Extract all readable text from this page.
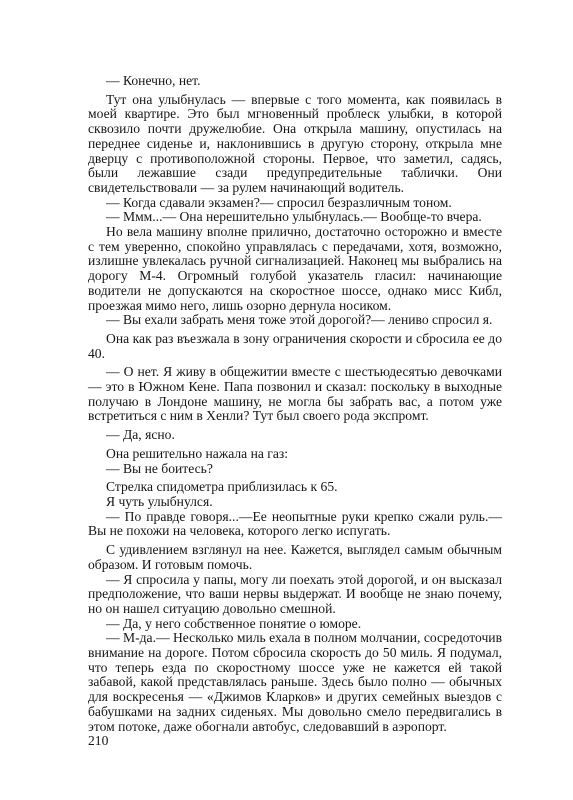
— Конечно, нет.

Тут она улыбнулась — впервые с того момента, как появилась в моей квартире. Это был мгновенный проблеск улыбки, в которой сквозило почти дружелюбие. Она открыла машину, опустилась на переднее сиденье и, наклонившись в другую сторону, открыла мне дверцу с противоположной стороны. Первое, что заметил, садясь, были лежавшие сзади предупредительные таблички. Они свидетельствовали — за рулем начинающий водитель.

— Когда сдавали экзамен?— спросил безразличным тоном.

— Ммм...— Она нерешительно улыбнулась.— Вообще-то вчера.

Но вела машину вполне прилично, достаточно осторожно и вместе с тем уверенно, спокойно управлялась с передачами, хотя, возможно, излишне увлекалась ручной сигнализацией. Наконец мы выбрались на дорогу М-4. Огромный голубой указатель гласил: начинающие водители не допускаются на скоростное шоссе, однако мисс Кибл, проезжая мимо него, лишь озорно дернула носиком.

— Вы ехали забрать меня тоже этой дорогой?— лениво спросил я.

Она как раз въезжала в зону ограничения скорости и сбросила ее до 40.

— О нет. Я живу в общежитии вместе с шестьюдесятью девочками — это в Южном Кене. Папа позвонил и сказал: поскольку в выходные получаю в Лондоне машину, не могла бы забрать вас, а потом уже встретиться с ним в Хенли? Тут был своего рода экспромт.

— Да, ясно.

Она решительно нажала на газ:

— Вы не боитесь?

Стрелка спидометра приблизилась к 65.

Я чуть улыбнулся.

— По правде говоря...—Ее неопытные руки крепко сжали руль.— Вы не похожи на человека, которого легко испугать.

С удивлением взглянул на нее. Кажется, выглядел самым обычным образом. И готовым помочь.

— Я спросила у папы, могу ли поехать этой дорогой, и он высказал предположение, что ваши нервы выдержат. И вообще не знаю почему, но он нашел ситуацию довольно смешной.

— Да, у него собственное понятие о юморе.

— М-да.— Несколько миль ехала в полном молчании, сосредоточив внимание на дороге. Потом сбросила скорость до 50 миль. Я подумал, что теперь езда по скоростному шоссе уже не кажется ей такой забавой, какой представлялась раньше. Здесь было полно — обычных для воскресенья — «Джимов Кларков» и других семейных выездов с бабушками на задних сиденьях. Мы довольно смело передвигались в этом потоке, даже обогнали автобус, следовавший в аэропорт.

210
